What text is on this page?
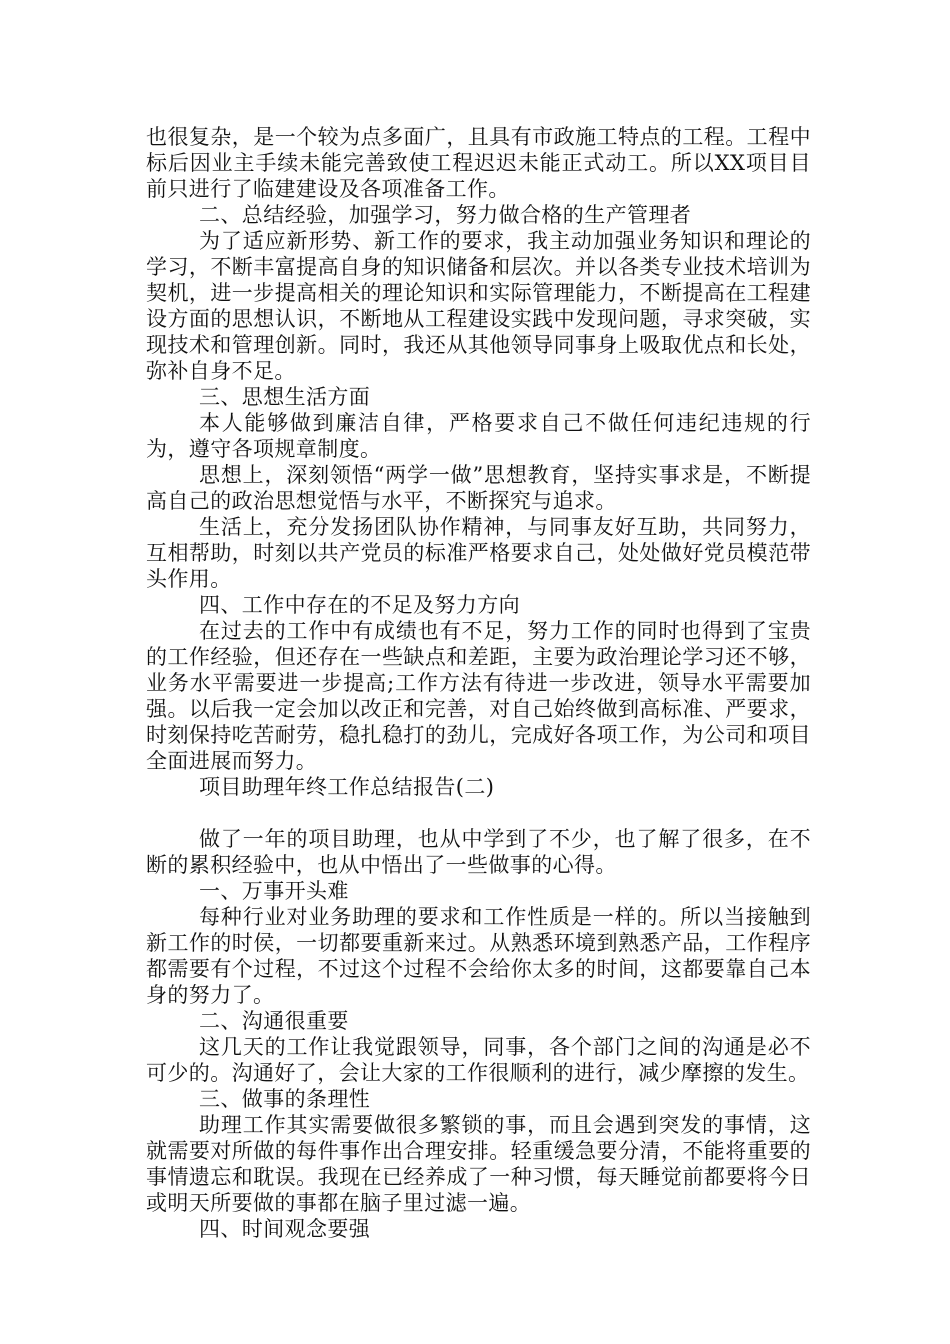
也很复杂，是一个较为点多面广，且具有市政施工特点的工程。工程中标后因业主手续未能完善致使工程迟迟未能正式动工。所以XX项目目前只进行了临建建设及各项准备工作。

二、总结经验，加强学习，努力做合格的生产管理者

为了适应新形势、新工作的要求，我主动加强业务知识和理论的学习，不断丰富提高自身的知识储备和层次。并以各类专业技术培训为契机，进一步提高相关的理论知识和实际管理能力，不断提高在工程建设方面的思想认识，不断地从工程建设实践中发现问题，寻求突破，实现技术和管理创新。同时，我还从其他领导同事身上吸取优点和长处，弥补自身不足。

三、思想生活方面

本人能够做到廉洁自律，严格要求自己不做任何违纪违规的行为，遵守各项规章制度。

思想上，深刻领悟“两学一做”思想教育，坚持实事求是，不断提高自己的政治思想觉悟与水平，不断探究与追求。

生活上，充分发扬团队协作精神，与同事友好互助，共同努力，互相帮助，时刻以共产党员的标准严格要求自己，处处做好党员模范带头作用。

四、工作中存在的不足及努力方向

在过去的工作中有成绩也有不足，努力工作的同时也得到了宝贵的工作经验，但还存在一些缺点和差距，主要为政治理论学习还不够，业务水平需要进一步提高;工作方法有待进一步改进，领导水平需要加强。以后我一定会加以改正和完善，对自己始终做到高标准、严要求，时刻保持吃苦耐劳，稳扎稳打的劲儿，完成好各项工作，为公司和项目全面进展而努力。

项目助理年终工作总结报告(二)

做了一年的项目助理，也从中学到了不少，也了解了很多，在不断的累积经验中，也从中悟出了一些做事的心得。

一、万事开头难

每种行业对业务助理的要求和工作性质是一样的。所以当接触到新工作的时侯，一切都要重新来过。从熟悉环境到熟悉产品，工作程序都需要有个过程，不过这个过程不会给你太多的时间，这都要靠自己本身的努力了。

二、沟通很重要

这几天的工作让我觉跟领导，同事，各个部门之间的沟通是必不可少的。沟通好了，会让大家的工作很顺利的进行，减少摩擦的发生。

三、做事的条理性

助理工作其实需要做很多繁锁的事，而且会遇到突发的事情，这就需要对所做的每件事作出合理安排。轻重缓急要分清，不能将重要的事情遗忘和耽误。我现在已经养成了一种习惯，每天睡觉前都要将今日或明天所要做的事都在脑子里过滤一遍。

四、时间观念要强
